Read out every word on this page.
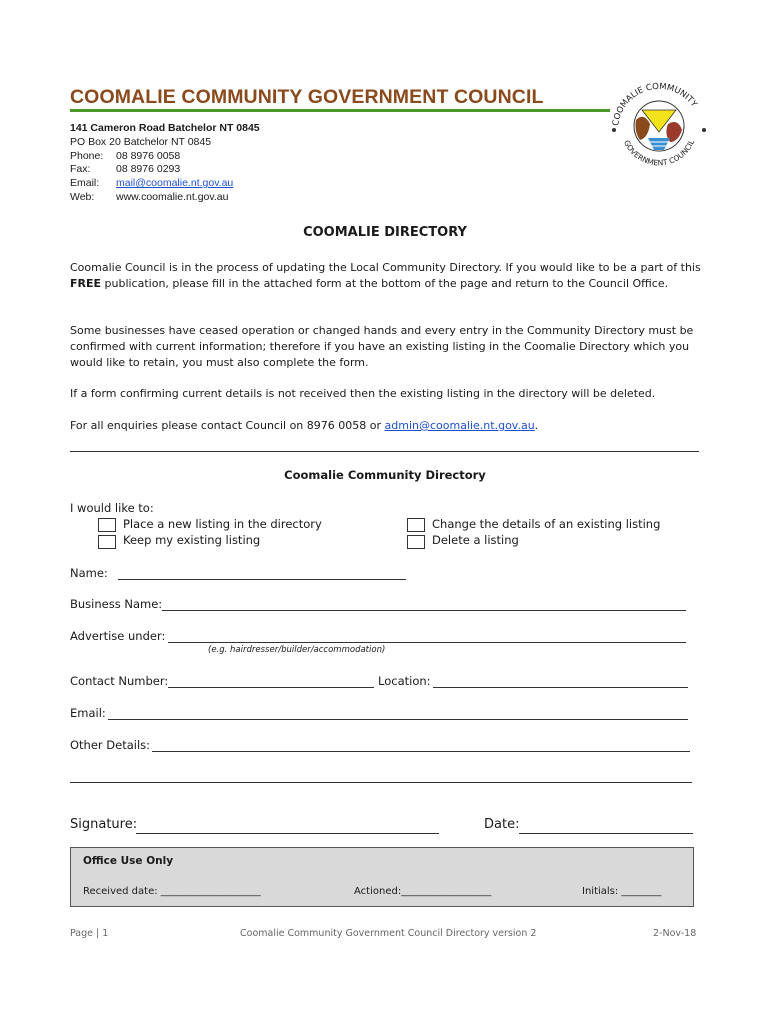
COOMALIE COMMUNITY GOVERNMENT COUNCIL
141 Cameron Road Batchelor NT 0845
PO Box 20 Batchelor NT 0845
Phone:	08 8976 0058
Fax:	08 8976 0293
Email:	mail@coomalie.nt.gov.au
Web:	www.coomalie.nt.gov.au
COOMALIE COMMUNITY
GOVERNMENT COUNCIL
COOMALIE DIRECTORY
Coomalie Council is in the process of updating the Local Community Directory. If you would like to be a part of this FREE publication, please fill in the attached form at the bottom of the page and return to the Council Office.
Some businesses have ceased operation or changed hands and every entry in the Community Directory must be confirmed with current information; therefore if you have an existing listing in the Coomalie Directory which you would like to retain, you must also complete the form.
If a form confirming current details is not received then the existing listing in the directory will be deleted.
For all enquiries please contact Council on 8976 0058 or admin@coomalie.nt.gov.au.
Coomalie Community Directory
I would like to:
Place a new listing in the directory
Keep my existing listing
Change the details of an existing listing
Delete a listing
Name:
Business Name:
Advertise under:
(e.g. hairdresser/builder/accommodation)
Contact Number:	Location:
Email:
Other Details:
Signature:	Date:
Office Use Only
Received date: ____________________	Actioned:__________________	Initials: ________
Page | 1	Coomalie Community Government Council Directory version 2	2-Nov-18
